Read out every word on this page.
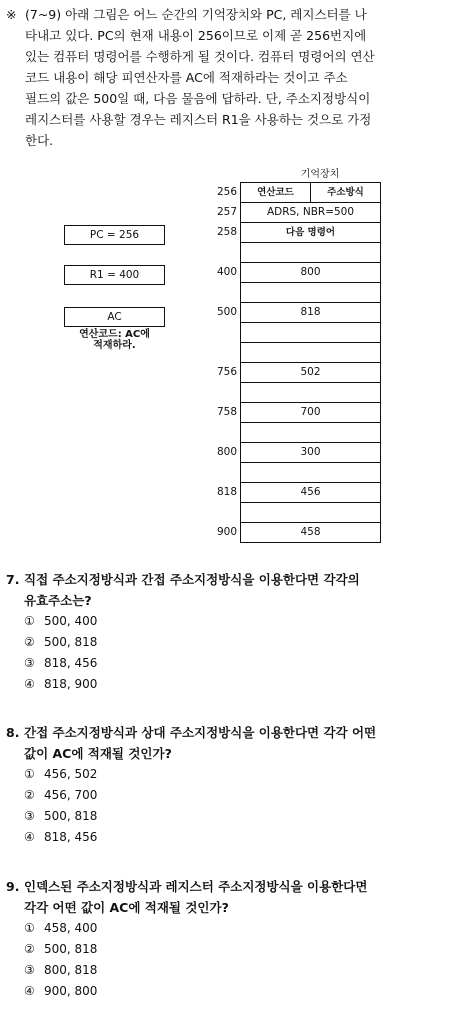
※ (7~9) 아래 그림은 어느 순간의 기억장치와 PC, 레지스터를 나
타내고 있다. PC의 현재 내용이 256이므로 이제 곧 256번지에
있는 컴퓨터 명령어를 수행하게 될 것이다. 컴퓨터 명령어의 연산
코드 내용이 해당 피연산자를 AC에 적재하라는 것이고 주소
필드의 값은 500일 때, 다음 물음에 답하라. 단, 주소지정방식이
레지스터를 사용할 경우는 레지스터 R1을 사용하는 것으로 가정
한다.
기억장치
256	연산코드	주소방식
257	ADRS, NBR=500
258	다음 명령어
400	800
500	818
756	502
758	700
800	300
818	456
900	458
PC = 256
R1 = 400
AC
연산코드: AC에
적재하라.
7. 직접 주소지정방식과 간접 주소지정방식을 이용한다면 각각의
유효주소는?
① 500, 400
② 500, 818
③ 818, 456
④ 818, 900
8. 간접 주소지정방식과 상대 주소지정방식을 이용한다면 각각 어떤
값이 AC에 적재될 것인가?
① 456, 502
② 456, 700
③ 500, 818
④ 818, 456
9. 인덱스된 주소지정방식과 레지스터 주소지정방식을 이용한다면
각각 어떤 값이 AC에 적재될 것인가?
① 458, 400
② 500, 818
③ 800, 818
④ 900, 800
